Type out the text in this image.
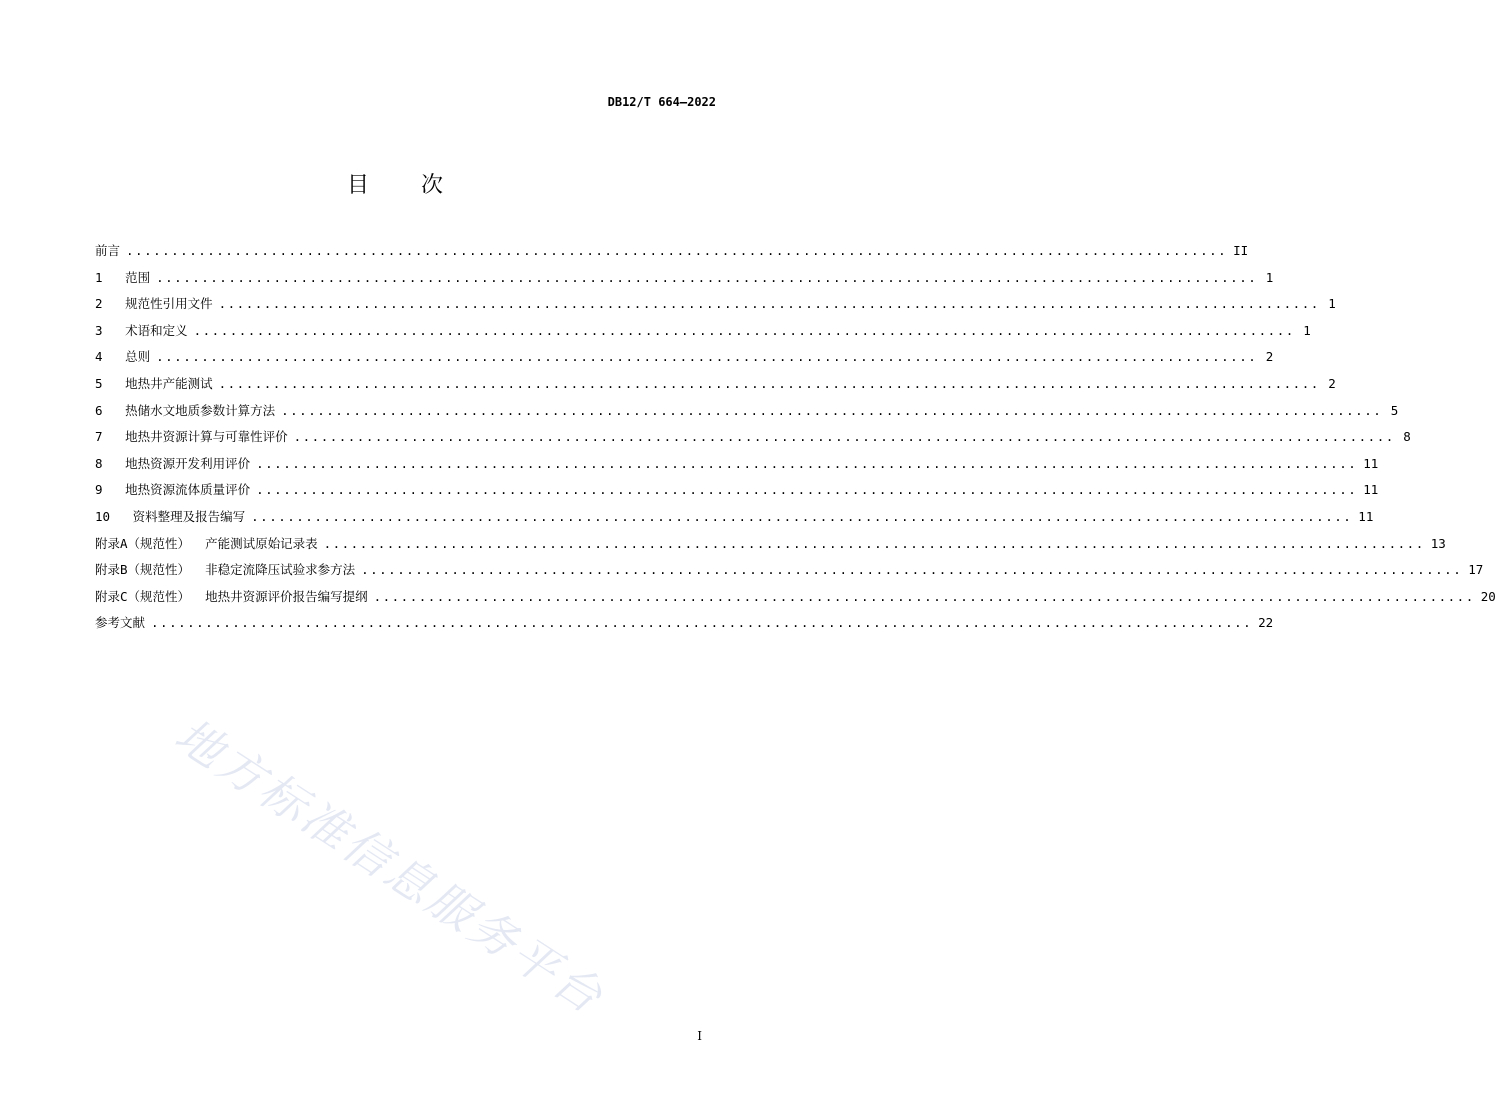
DB12/T 664—2022
目 次
前言 .......................................................................................................................... II
1
范围 .......................................................................................................................... 1
2
规范性引用文件 .......................................................................................................................... 1
3
术语和定义 .......................................................................................................................... 1
4
总则 .......................................................................................................................... 2
5
地热井产能测试 .......................................................................................................................... 2
6
热储水文地质参数计算方法 .......................................................................................................................... 5
7
地热井资源计算与可靠性评价 .......................................................................................................................... 8
8
地热资源开发利用评价 .......................................................................................................................... 11
9
地热资源流体质量评价 .......................................................................................................................... 11
10
资料整理及报告编写 .......................................................................................................................... 11
附录A（规范性）
产能测试原始记录表 .......................................................................................................................... 13
附录B（规范性）
非稳定流降压试验求参方法 .......................................................................................................................... 17
附录C（规范性）
地热井资源评价报告编写提纲 .......................................................................................................................... 20
参考文献 .......................................................................................................................... 22
地方标准信息服务平台
I
